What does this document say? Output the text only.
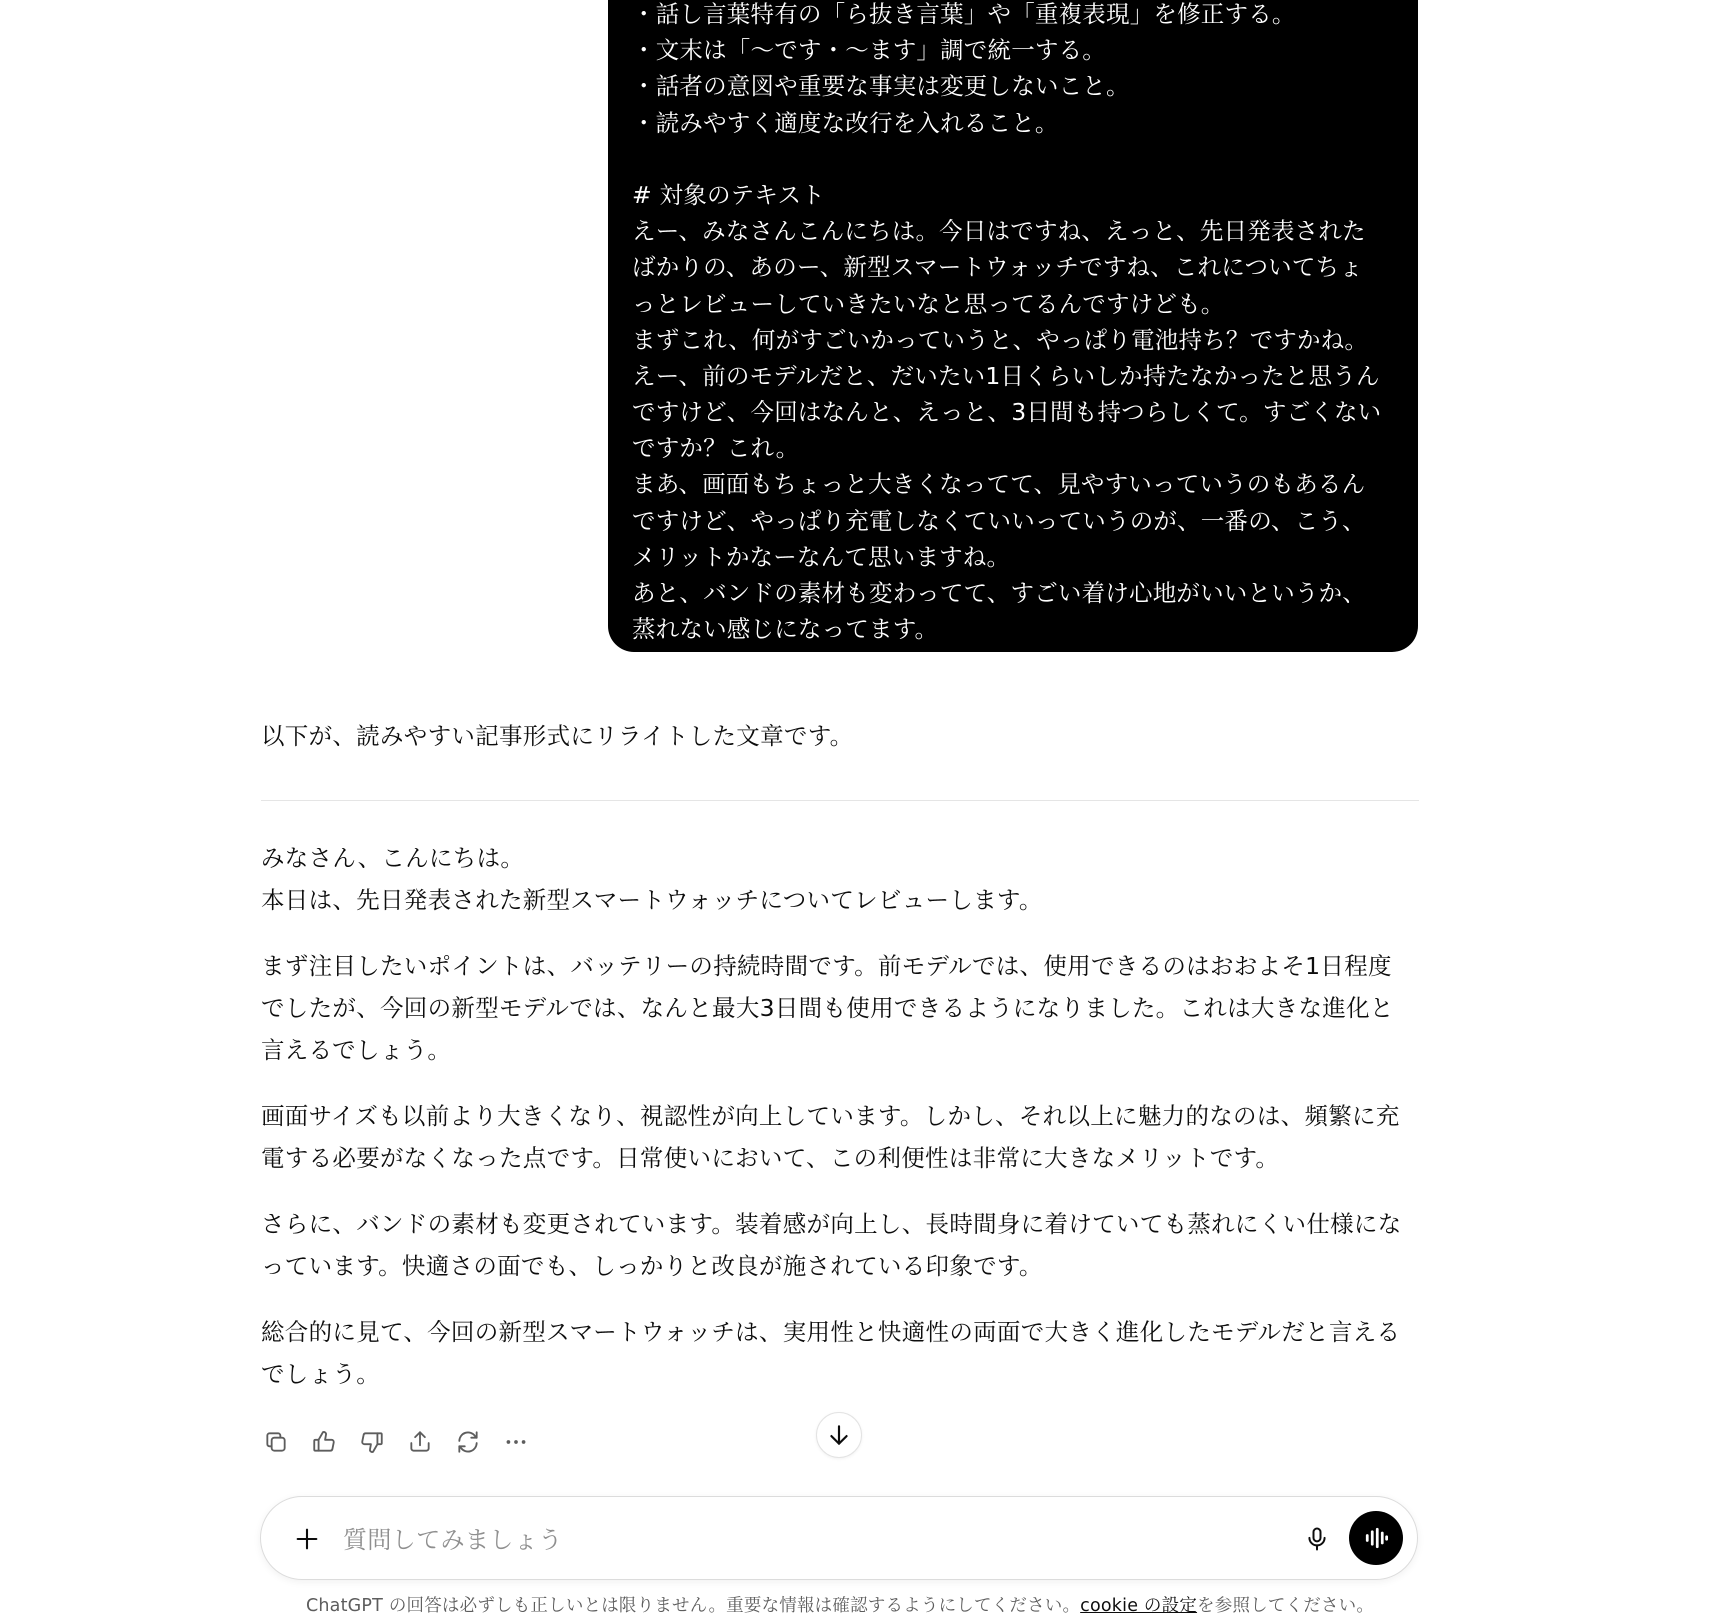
・話し言葉特有の「ら抜き言葉」や「重複表現」を修正する。
・文末は「〜です・〜ます」調で統一する。
・話者の意図や重要な事実は変更しないこと。
・読みやすく適度な改行を入れること。
# 対象のテキスト
えー、みなさんこんにちは。今日はですね、えっと、先日発表された
ばかりの、あのー、新型スマートウォッチですね、これについてちょ
っとレビューしていきたいなと思ってるんですけども。
まずこれ、何がすごいかっていうと、やっぱり電池持ち？ですかね。
えー、前のモデルだと、だいたい1日くらいしか持たなかったと思うん
ですけど、今回はなんと、えっと、3日間も持つらしくて。すごくない
ですか？これ。
まあ、画面もちょっと大きくなってて、見やすいっていうのもあるん
ですけど、やっぱり充電しなくていいっていうのが、一番の、こう、
メリットかなーなんて思いますね。
あと、バンドの素材も変わってて、すごい着け心地がいいというか、
蒸れない感じになってます。
以下が、読みやすい記事形式にリライトした文章です。
みなさん、こんにちは。
本日は、先日発表された新型スマートウォッチについてレビューします。
まず注目したいポイントは、バッテリーの持続時間です。前モデルでは、使用できるのはおおよそ1日程度
でしたが、今回の新型モデルでは、なんと最大3日間も使用できるようになりました。これは大きな進化と
言えるでしょう。
画面サイズも以前より大きくなり、視認性が向上しています。しかし、それ以上に魅力的なのは、頻繁に充
電する必要がなくなった点です。日常使いにおいて、この利便性は非常に大きなメリットです。
さらに、バンドの素材も変更されています。装着感が向上し、長時間身に着けていても蒸れにくい仕様にな
っています。快適さの面でも、しっかりと改良が施されている印象です。
総合的に見て、今回の新型スマートウォッチは、実用性と快適性の両面で大きく進化したモデルだと言える
でしょう。
質問してみましょう
ChatGPT の回答は必ずしも正しいとは限りません。重要な情報は確認するようにしてください。cookie の設定を参照してください。
